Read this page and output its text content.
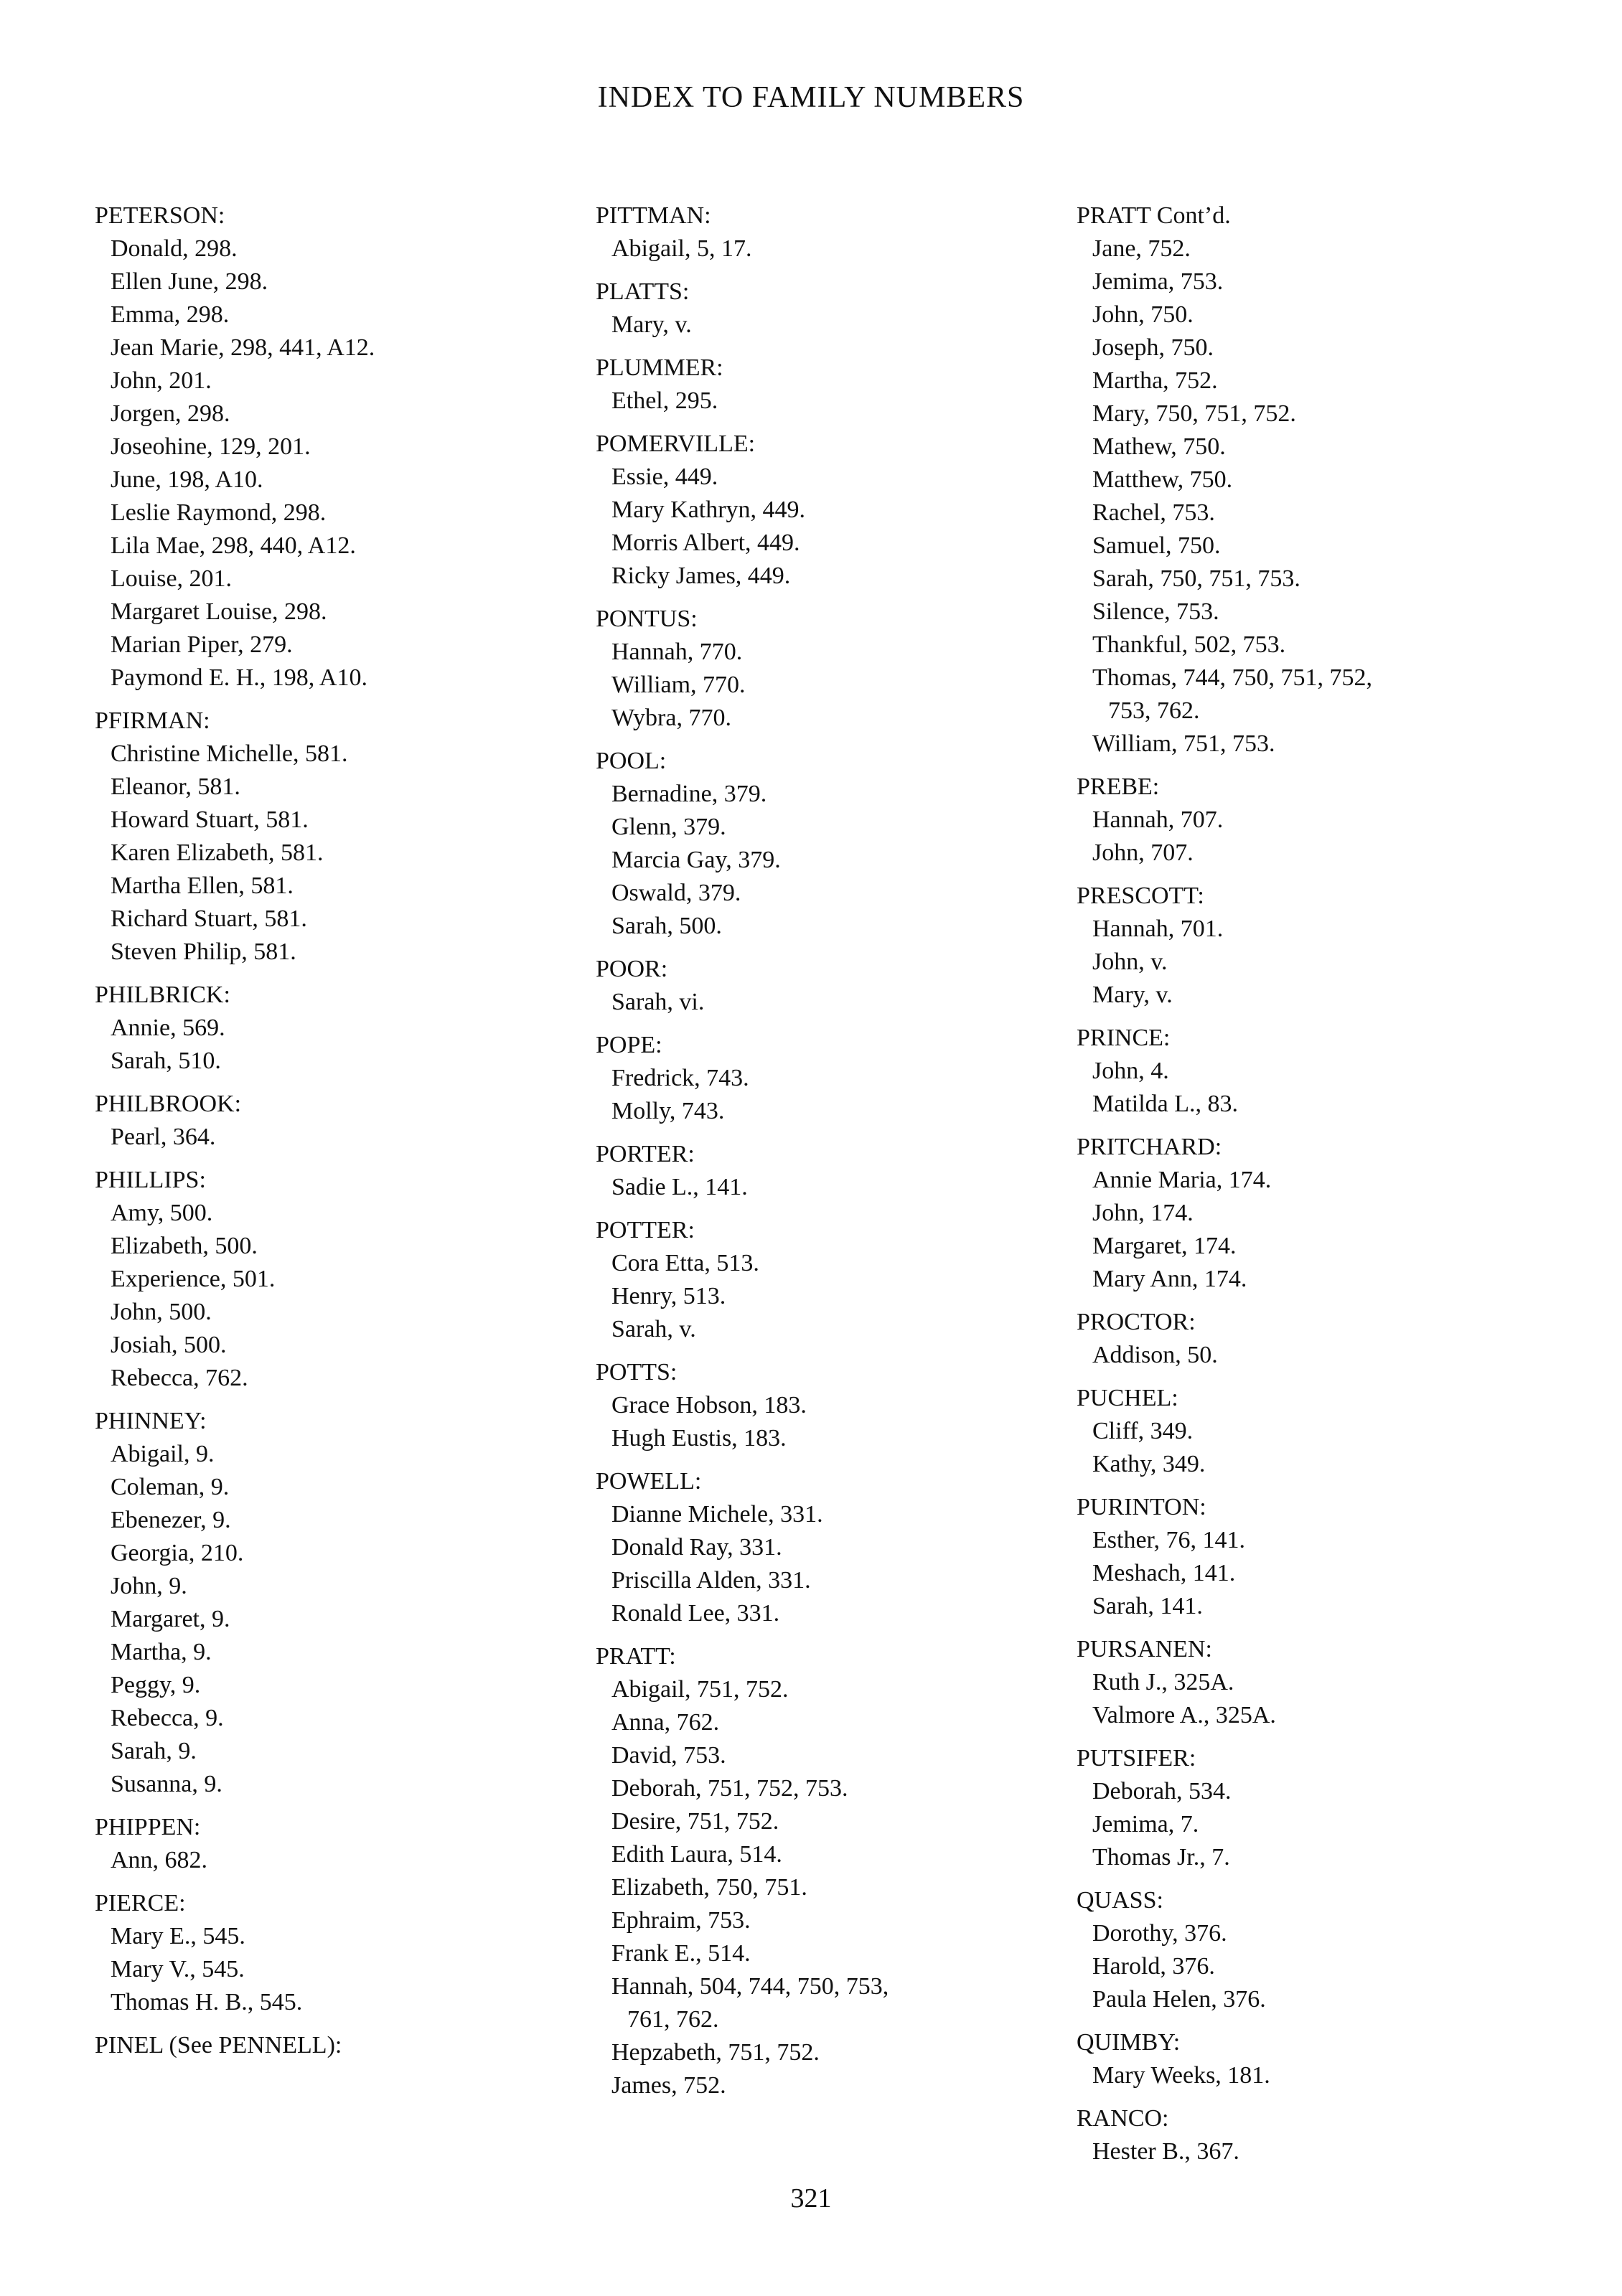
INDEX TO FAMILY NUMBERS
PETERSON:
Donald, 298.
Ellen June, 298.
Emma, 298.
Jean Marie, 298, 441, A12.
John, 201.
Jorgen, 298.
Joseohine, 129, 201.
June, 198, A10.
Leslie Raymond, 298.
Lila Mae, 298, 440, A12.
Louise, 201.
Margaret Louise, 298.
Marian Piper, 279.
Paymond E. H., 198, A10.
PFIRMAN:
Christine Michelle, 581.
Eleanor, 581.
Howard Stuart, 581.
Karen Elizabeth, 581.
Martha Ellen, 581.
Richard Stuart, 581.
Steven Philip, 581.
PHILBRICK:
Annie, 569.
Sarah, 510.
PHILBROOK:
Pearl, 364.
PHILLIPS:
Amy, 500.
Elizabeth, 500.
Experience, 501.
John, 500.
Josiah, 500.
Rebecca, 762.
PHINNEY:
Abigail, 9.
Coleman, 9.
Ebenezer, 9.
Georgia, 210.
John, 9.
Margaret, 9.
Martha, 9.
Peggy, 9.
Rebecca, 9.
Sarah, 9.
Susanna, 9.
PHIPPEN:
Ann, 682.
PIERCE:
Mary E., 545.
Mary V., 545.
Thomas H. B., 545.
PINEL (See PENNELL):
PITTMAN:
Abigail, 5, 17.
PLATTS:
Mary, v.
PLUMMER:
Ethel, 295.
POMERVILLE:
Essie, 449.
Mary Kathryn, 449.
Morris Albert, 449.
Ricky James, 449.
PONTUS:
Hannah, 770.
William, 770.
Wybra, 770.
POOL:
Bernadine, 379.
Glenn, 379.
Marcia Gay, 379.
Oswald, 379.
Sarah, 500.
POOR:
Sarah, vi.
POPE:
Fredrick, 743.
Molly, 743.
PORTER:
Sadie L., 141.
POTTER:
Cora Etta, 513.
Henry, 513.
Sarah, v.
POTTS:
Grace Hobson, 183.
Hugh Eustis, 183.
POWELL:
Dianne Michele, 331.
Donald Ray, 331.
Priscilla Alden, 331.
Ronald Lee, 331.
PRATT:
Abigail, 751, 752.
Anna, 762.
David, 753.
Deborah, 751, 752, 753.
Desire, 751, 752.
Edith Laura, 514.
Elizabeth, 750, 751.
Ephraim, 753.
Frank E., 514.
Hannah, 504, 744, 750, 753,
761, 762.
Hepzabeth, 751, 752.
James, 752.
PRATT Cont’d.
Jane, 752.
Jemima, 753.
John, 750.
Joseph, 750.
Martha, 752.
Mary, 750, 751, 752.
Mathew, 750.
Matthew, 750.
Rachel, 753.
Samuel, 750.
Sarah, 750, 751, 753.
Silence, 753.
Thankful, 502, 753.
Thomas, 744, 750, 751, 752,
753, 762.
William, 751, 753.
PREBE:
Hannah, 707.
John, 707.
PRESCOTT:
Hannah, 701.
John, v.
Mary, v.
PRINCE:
John, 4.
Matilda L., 83.
PRITCHARD:
Annie Maria, 174.
John, 174.
Margaret, 174.
Mary Ann, 174.
PROCTOR:
Addison, 50.
PUCHEL:
Cliff, 349.
Kathy, 349.
PURINTON:
Esther, 76, 141.
Meshach, 141.
Sarah, 141.
PURSANEN:
Ruth J., 325A.
Valmore A., 325A.
PUTSIFER:
Deborah, 534.
Jemima, 7.
Thomas Jr., 7.
QUASS:
Dorothy, 376.
Harold, 376.
Paula Helen, 376.
QUIMBY:
Mary Weeks, 181.
RANCO:
Hester B., 367.
321
